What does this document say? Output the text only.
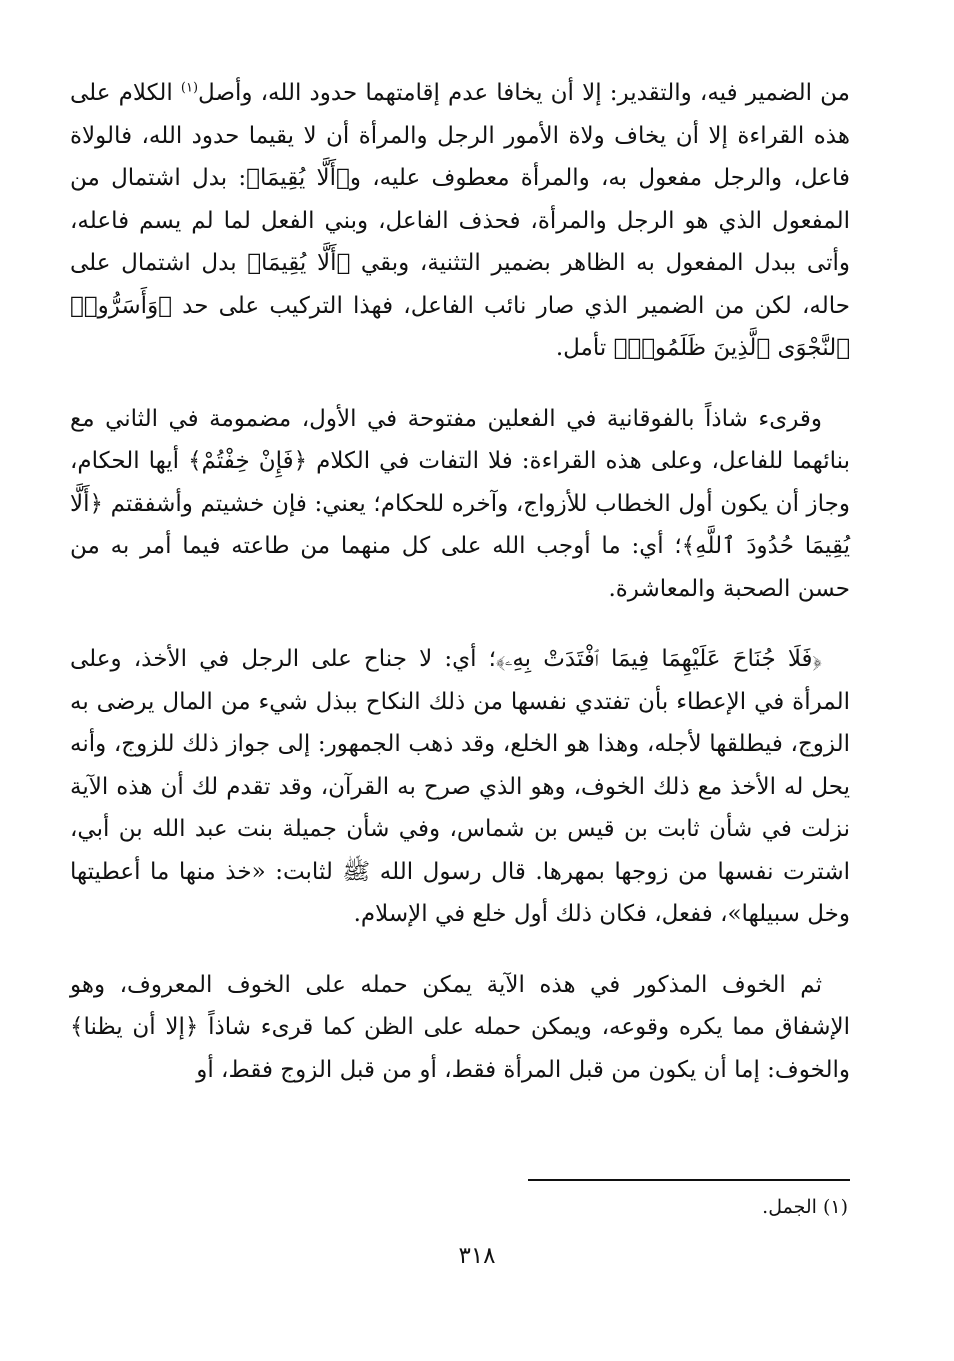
من الضمير فيه، والتقدير: إلا أن يخافا عدم إقامتهما حدود الله، وأصل$^{(١)}$ الكلام على هذه القراءة إلا أن يخاف ولاة الأمور الرجل والمرأة أن لا يقيما حدود الله، فالولاة فاعل، والرجل مفعول به، والمرأة معطوف عليه، و﴿أَلَّا يُقِيمَا﴾: بدل اشتمال من المفعول الذي هو الرجل والمرأة، فحذف الفاعل، وبني الفعل لما لم يسم فاعله، وأتى ببدل المفعول به الظاهر بضمير التثنية، وبقي ﴿أَلَّا يُقِيمَا﴾ بدل اشتمال على حاله، لكن من الضمير الذي صار نائب الفاعل، فهذا التركيب على حد ﴿وَأَسَرُّوا۟ ٱلنَّجْوَى ٱلَّذِينَ ظَلَمُوا۟﴾ تأمل.

وقرىء شاذاً بالفوقانية في الفعلين مفتوحة في الأول، مضمومة في الثاني مع بنائهما للفاعل، وعلى هذه القراءة: فلا التفات في الكلام ﴿فَإِنْ خِفْتُمْ﴾ أيها الحكام، وجاز أن يكون أول الخطاب للأزواج، وآخره للحكام؛ يعني: فإن خشيتم وأشفقتم ﴿أَلَّا يُقِيمَا حُدُودَ ٱللَّهِ﴾؛ أي: ما أوجب الله على كل منهما من طاعته فيما أمر به من حسن الصحبة والمعاشرة.

﴿فَلَا جُنَاحَ عَلَيْهِمَا فِيمَا ٱفْتَدَتْ بِهِۦ﴾؛ أي: لا جناح على الرجل في الأخذ، وعلى المرأة في الإعطاء بأن تفتدي نفسها من ذلك النكاح ببذل شيء من المال يرضى به الزوج، فيطلقها لأجله، وهذا هو الخلع، وقد ذهب الجمهور: إلى جواز ذلك للزوج، وأنه يحل له الأخذ مع ذلك الخوف، وهو الذي صرح به القرآن، وقد تقدم لك أن هذه الآية نزلت في شأن ثابت بن قيس بن شماس، وفي شأن جميلة بنت عبد الله بن أبي، اشترت نفسها من زوجها بمهرها. قال رسول الله ﷺ لثابت: «خذ منها ما أعطيتها وخل سبيلها»، ففعل، فكان ذلك أول خلع في الإسلام.

ثم الخوف المذكور في هذه الآية يمكن حمله على الخوف المعروف، وهو الإشفاق مما يكره وقوعه، ويمكن حمله على الظن كما قرىء شاذاً ﴿إلا أن يظنا﴾ والخوف: إما أن يكون من قبل المرأة فقط، أو من قبل الزوج فقط، أو

(١) الجمل.
٣١٨
